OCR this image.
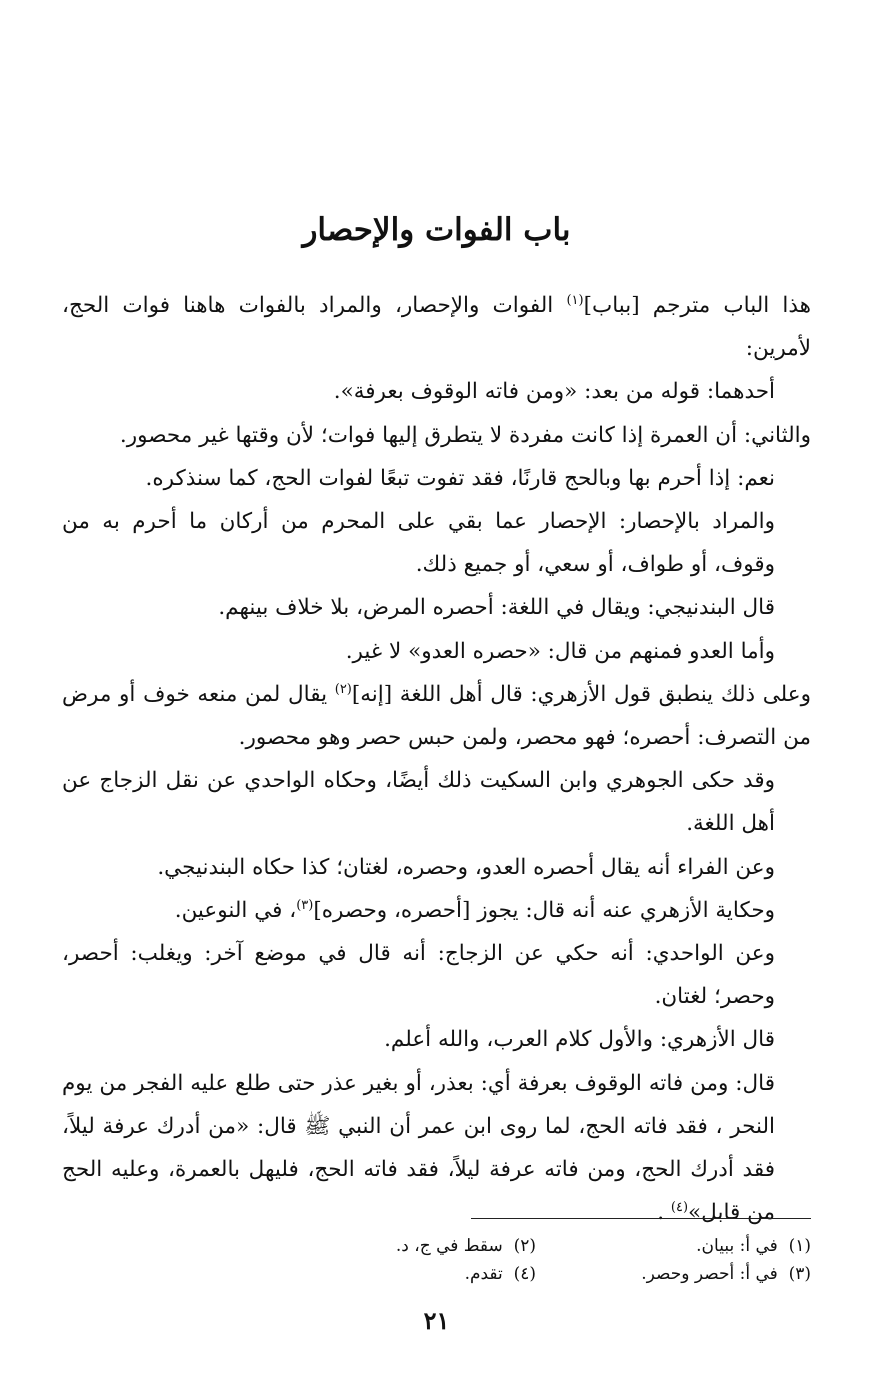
باب الفوات والإحصار

هذا الباب مترجم [بباب]$^{(١)}$ الفوات والإحصار، والمراد بالفوات هاهنا فوات الحج، لأمرين:

أحدهما: قوله من بعد: «ومن فاته الوقوف بعرفة».

والثاني: أن العمرة إذا كانت مفردة لا يتطرق إليها فوات؛ لأن وقتها غير محصور.

نعم: إذا أحرم بها وبالحج قارنًا، فقد تفوت تبعًا لفوات الحج، كما سنذكره.

والمراد بالإحصار: الإحصار عما بقي على المحرم من أركان ما أحرم به من وقوف، أو طواف، أو سعي، أو جميع ذلك.

قال البندنيجي: ويقال في اللغة: أحصره المرض، بلا خلاف بينهم.

وأما العدو فمنهم من قال: «حصره العدو» لا غير.

وعلى ذلك ينطبق قول الأزهري: قال أهل اللغة [إنه]$^{(٢)}$ يقال لمن منعه خوف أو مرض من التصرف: أحصره؛ فهو محصر، ولمن حبس حصر وهو محصور.

وقد حكى الجوهري وابن السكيت ذلك أيضًا، وحكاه الواحدي عن نقل الزجاج عن أهل اللغة.

وعن الفراء أنه يقال أحصره العدو، وحصره، لغتان؛ كذا حكاه البندنيجي.

وحكاية الأزهري عنه أنه قال: يجوز [أحصره، وحصره]$^{(٣)}$، في النوعين.

وعن الواحدي: أنه حكي عن الزجاج: أنه قال في موضع آخر: ويغلب: أحصر، وحصر؛ لغتان.

قال الأزهري: والأول كلام العرب، والله أعلم.

قال: ومن فاته الوقوف بعرفة أي: بعذر، أو بغير عذر حتى طلع عليه الفجر من يوم النحر ، فقد فاته الحج، لما روى ابن عمر أن النبي ﷺ قال: «من أدرك عرفة ليلاً، فقد أدرك الحج، ومن فاته عرفة ليلاً، فقد فاته الحج، فليهل بالعمرة، وعليه الحج من قابل»$^{(٤)}$ .

(١)  في أ: ببيان.
(٢)  سقط في ج، د.
(٣)  في أ: أحصر وحصر.
(٤)  تقدم.
٢١
